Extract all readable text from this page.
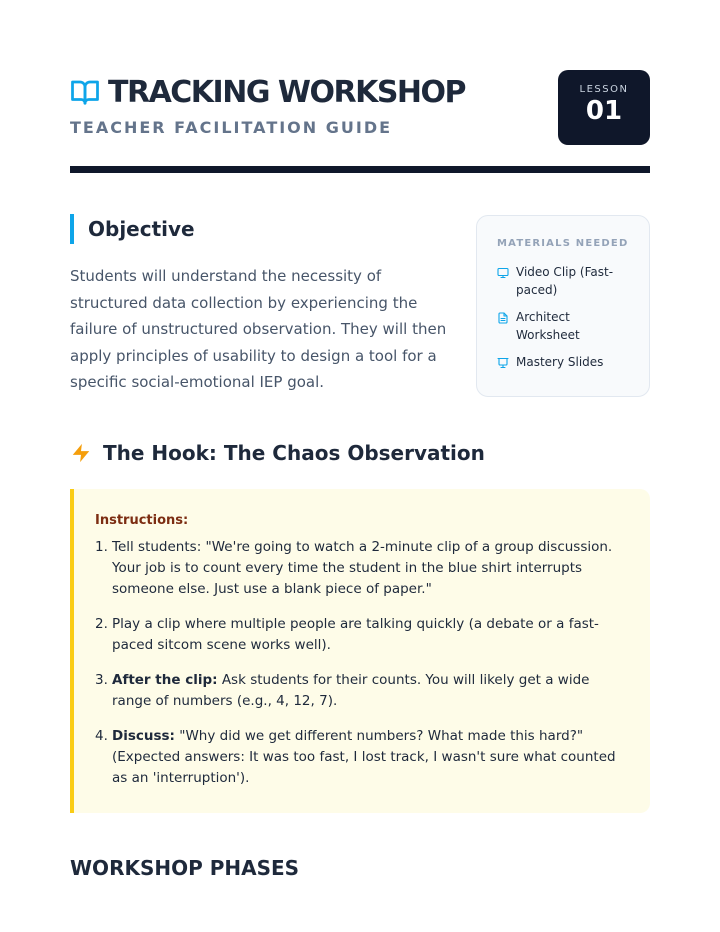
TRACKING WORKSHOP
TEACHER FACILITATION GUIDE
LESSON
01
Objective

Students will understand the necessity of structured data collection by experiencing the failure of unstructured observation. They will then apply principles of usability to design a tool for a specific social-emotional IEP goal.

MATERIALS NEEDED
Video Clip (Fast-paced)
Architect Worksheet
Mastery Slides
The Hook: The Chaos Observation
Instructions:
1. Tell students: "We're going to watch a 2-minute clip of a group discussion. Your job is to count every time the student in the blue shirt interrupts someone else. Just use a blank piece of paper."
2. Play a clip where multiple people are talking quickly (a debate or a fast-paced sitcom scene works well).
3. After the clip: Ask students for their counts. You will likely get a wide range of numbers (e.g., 4, 12, 7).
4. Discuss: "Why did we get different numbers? What made this hard?" (Expected answers: It was too fast, I lost track, I wasn't sure what counted as an 'interruption').
WORKSHOP PHASES
